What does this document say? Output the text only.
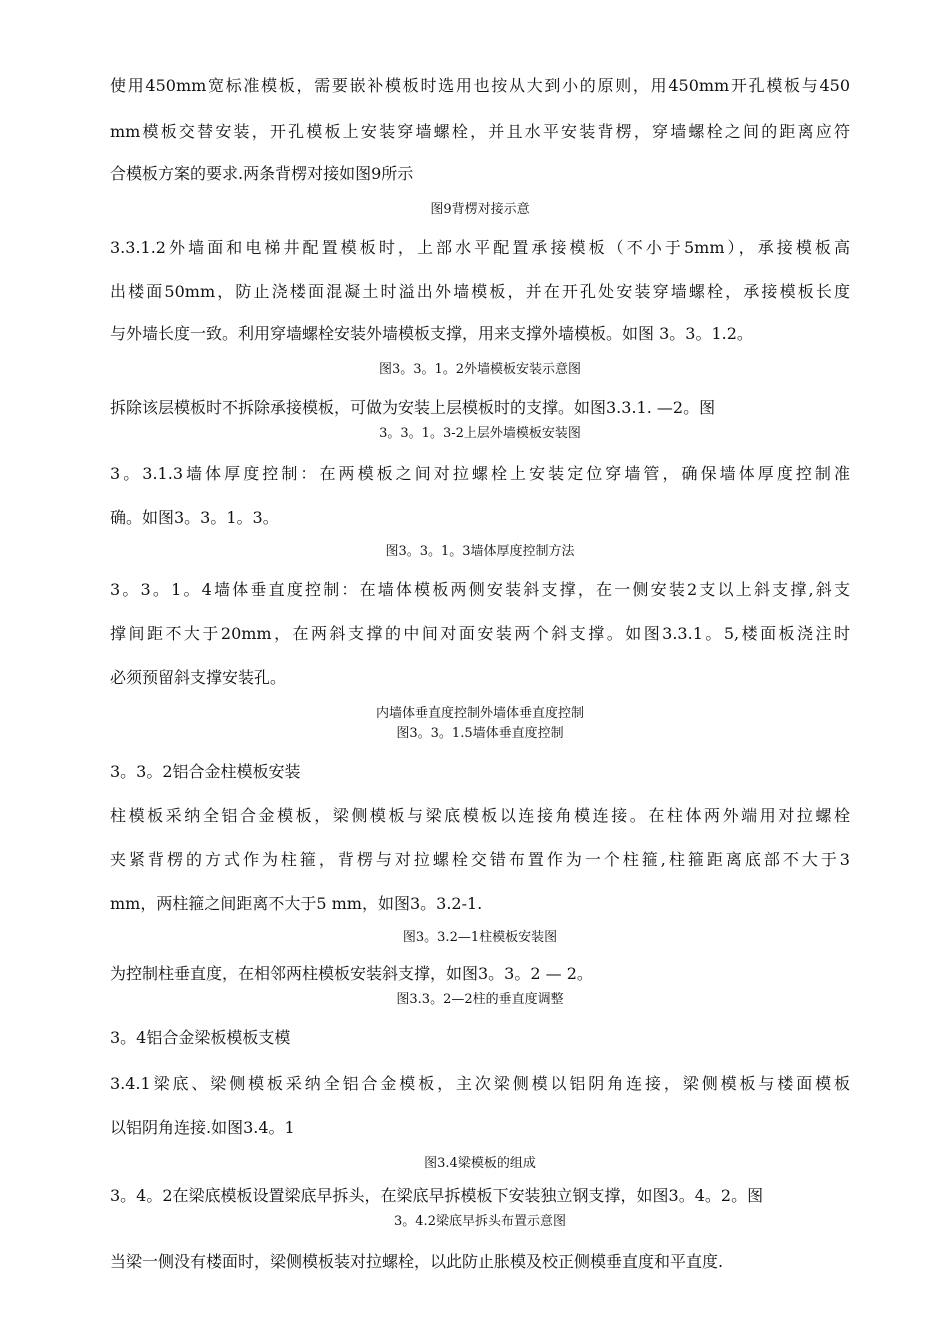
使用450mm宽标准模板，需要嵌补模板时选用也按从大到小的原则，用450mm开孔模板与450
mm模板交替安装，开孔模板上安装穿墙螺栓，并且水平安装背楞，穿墙螺栓之间的距离应符
合模板方案的要求.两条背楞对接如图9所示
图9背楞对接示意
3.3.1.2外墙面和电梯井配置模板时，上部水平配置承接模板（不小于5mm），承接模板高
出楼面50mm，防止浇楼面混凝土时溢出外墙模板，并在开孔处安装穿墙螺栓，承接模板长度
与外墙长度一致。利用穿墙螺栓安装外墙模板支撑，用来支撑外墙模板。如图 3。3。1.2。
图3。3。1。2外墙模板安装示意图
拆除该层模板时不拆除承接模板，可做为安装上层模板时的支撑。如图3.3.1. —2。图
3。3。1。3-2上层外墙模板安装图
3。3.1.3墙体厚度控制：在两模板之间对拉螺栓上安装定位穿墙管，确保墙体厚度控制准
确。如图3。3。1。3。
图3。3。1。3墙体厚度控制方法
3。3。1。4墙体垂直度控制：在墙体模板两侧安装斜支撑，在一侧安装2支以上斜支撑,斜支
撑间距不大于20mm，在两斜支撑的中间对面安装两个斜支撑。如图3.3.1。5,楼面板浇注时
必须预留斜支撑安装孔。
内墙体垂直度控制外墙体垂直度控制
图3。3。1.5墙体垂直度控制
3。3。2铝合金柱模板安装
柱模板采纳全铝合金模板，梁侧模板与梁底模板以连接角模连接。在柱体两外端用对拉螺栓
夹紧背楞的方式作为柱箍，背楞与对拉螺栓交错布置作为一个柱箍,柱箍距离底部不大于3
mm，两柱箍之间距离不大于5 mm，如图3。3.2-1.
图3。3.2—1柱模板安装图
为控制柱垂直度，在相邻两柱模板安装斜支撑，如图3。3。2 — 2。
图3.3。2—2柱的垂直度调整
3。4铝合金梁板模板支模
3.4.1梁底、梁侧模板采纳全铝合金模板，主次梁侧模以铝阴角连接，梁侧模板与楼面模板
以铝阴角连接.如图3.4。1
图3.4梁模板的组成
3。4。2在梁底模板设置梁底早拆头，在梁底早拆模板下安装独立钢支撑，如图3。4。2。图
3。4.2梁底早拆头布置示意图
当梁一侧没有楼面时，梁侧模板装对拉螺栓，以此防止胀模及校正侧模垂直度和平直度.
